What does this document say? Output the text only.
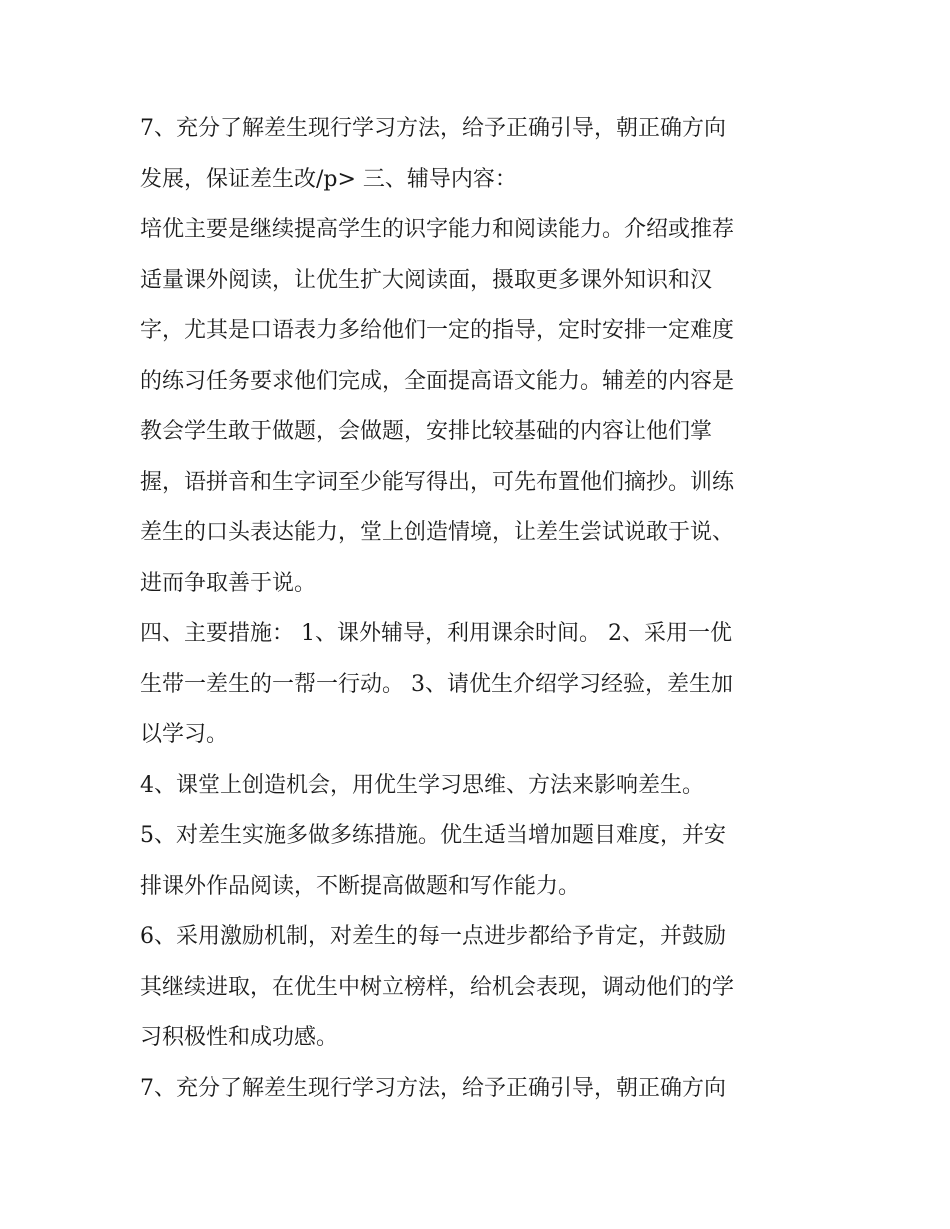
7、充分了解差生现行学习方法，给予正确引导，朝正确方向
发展，保证差生改/p> 三、辅导内容：
培优主要是继续提高学生的识字能力和阅读能力。介绍或推荐
适量课外阅读，让优生扩大阅读面，摄取更多课外知识和汉
字，尤其是口语表力多给他们一定的指导，定时安排一定难度
的练习任务要求他们完成，全面提高语文能力。辅差的内容是
教会学生敢于做题，会做题，安排比较基础的内容让他们掌
握，语拼音和生字词至少能写得出，可先布置他们摘抄。训练
差生的口头表达能力，堂上创造情境，让差生尝试说敢于说、
进而争取善于说。
四、主要措施： 1、课外辅导，利用课余时间。 2、采用一优
生带一差生的一帮一行动。 3、请优生介绍学习经验，差生加
以学习。
4、课堂上创造机会，用优生学习思维、方法来影响差生。
5、对差生实施多做多练措施。优生适当增加题目难度，并安
排课外作品阅读，不断提高做题和写作能力。
6、采用激励机制，对差生的每一点进步都给予肯定，并鼓励
其继续进取，在优生中树立榜样，给机会表现，调动他们的学
习积极性和成功感。
7、充分了解差生现行学习方法，给予正确引导，朝正确方向
